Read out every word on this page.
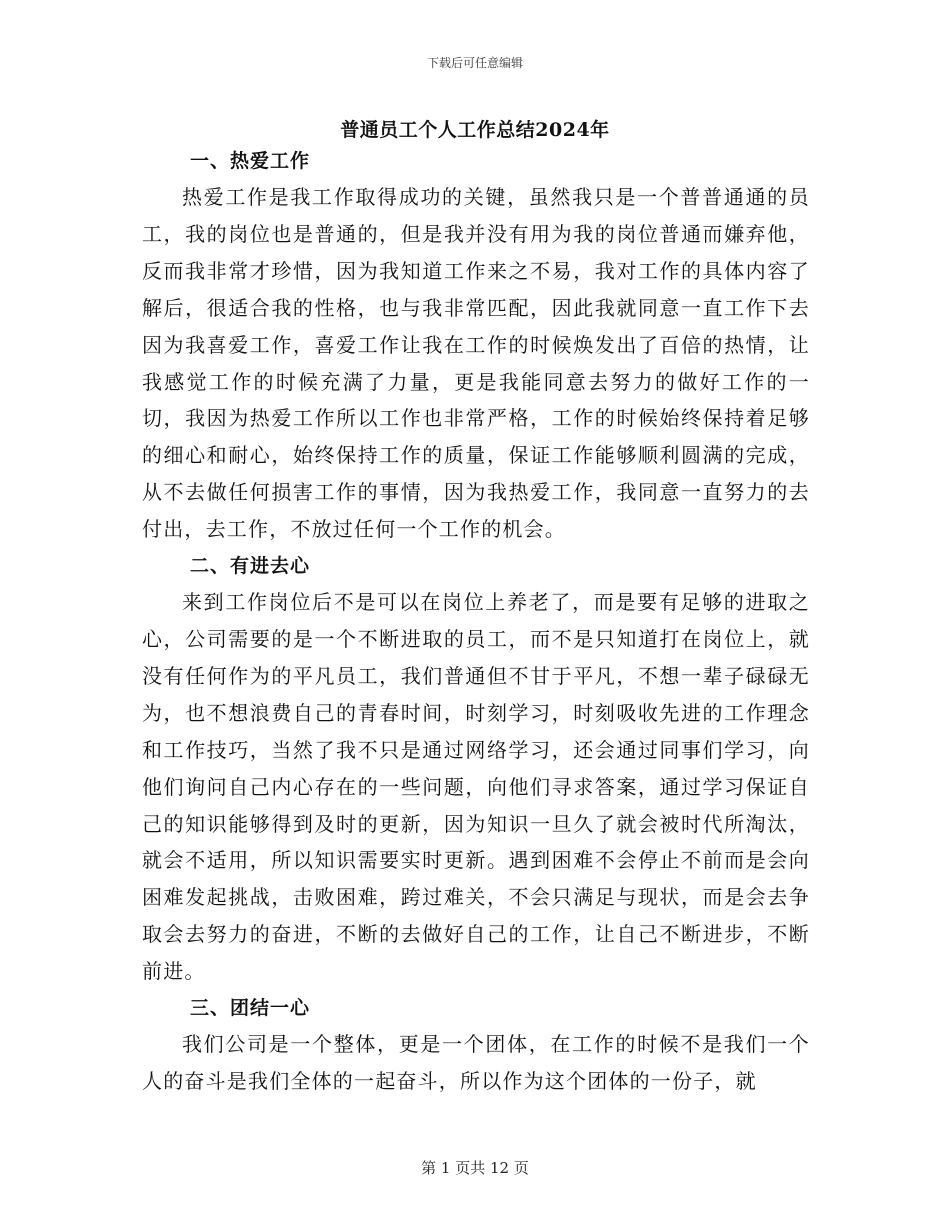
下载后可任意编辑
普通员工个人工作总结2024年
一、热爱工作
热爱工作是我工作取得成功的关键，虽然我只是一个普普通通的员工，我的岗位也是普通的，但是我并没有用为我的岗位普通而嫌弃他，反而我非常才珍惜，因为我知道工作来之不易，我对工作的具体内容了解后，很适合我的性格，也与我非常匹配，因此我就同意一直工作下去因为我喜爱工作，喜爱工作让我在工作的时候焕发出了百倍的热情，让我感觉工作的时候充满了力量，更是我能同意去努力的做好工作的一切，我因为热爱工作所以工作也非常严格，工作的时候始终保持着足够的细心和耐心，始终保持工作的质量，保证工作能够顺利圆满的完成，从不去做任何损害工作的事情，因为我热爱工作，我同意一直努力的去付出，去工作，不放过任何一个工作的机会。
二、有进去心
来到工作岗位后不是可以在岗位上养老了，而是要有足够的进取之心，公司需要的是一个不断进取的员工，而不是只知道打在岗位上，就没有任何作为的平凡员工，我们普通但不甘于平凡，不想一辈子碌碌无为，也不想浪费自己的青春时间，时刻学习，时刻吸收先进的工作理念和工作技巧，当然了我不只是通过网络学习，还会通过同事们学习，向他们询问自己内心存在的一些问题，向他们寻求答案，通过学习保证自己的知识能够得到及时的更新，因为知识一旦久了就会被时代所淘汰，就会不适用，所以知识需要实时更新。遇到困难不会停止不前而是会向困难发起挑战，击败困难，跨过难关，不会只满足与现状，而是会去争取会去努力的奋进，不断的去做好自己的工作，让自己不断进步，不断前进。
三、团结一心
我们公司是一个整体，更是一个团体，在工作的时候不是我们一个人的奋斗是我们全体的一起奋斗，所以作为这个团体的一份子，就
第 1 页共 12 页
